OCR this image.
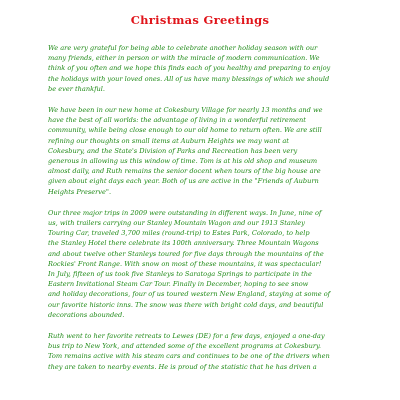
Christmas Greetings

We are very grateful for being able to celebrate another holiday season with our
many friends, either in person or with the miracle of modern communication. We
think of you often and we hope this finds each of you healthy and preparing to enjoy
the holidays with your loved ones. All of us have many blessings of which we should
be ever thankful.

We have been in our new home at Cokesbury Village for nearly 13 months and we
have the best of all worlds: the advantage of living in a wonderful retirement
community, while being close enough to our old home to return often. We are still
refining our thoughts on small items at Auburn Heights we may want at
Cokesbury, and the State's Division of Parks and Recreation has been very
generous in allowing us this window of time. Tom is at his old shop and museum
almost daily, and Ruth remains the senior docent when tours of the big house are
given about eight days each year. Both of us are active in the "Friends of Auburn
Heights Preserve".

Our three major trips in 2009 were outstanding in different ways. In June, nine of
us, with trailers carrying our Stanley Mountain Wagon and our 1913 Stanley
Touring Car, traveled 3,700 miles (round-trip) to Estes Park, Colorado, to help
the Stanley Hotel there celebrate its 100th anniversary. Three Mountain Wagons
and about twelve other Stanleys toured for five days through the mountains of the
Rockies' Front Range. With snow on most of these mountains, it was spectacular!
In July, fifteen of us took five Stanleys to Saratoga Springs to participate in the
Eastern Invitational Steam Car Tour. Finally in December, hoping to see snow
and holiday decorations, four of us toured western New England, staying at some of
our favorite historic inns. The snow was there with bright cold days, and beautiful
decorations abounded.

Ruth went to her favorite retreats to Lewes (DE) for a few days, enjoyed a one-day
bus trip to New York, and attended some of the excellent programs at Cokesbury.
Tom remains active with his steam cars and continues to be one of the drivers when
they are taken to nearby events. He is proud of the statistic that he has driven a
